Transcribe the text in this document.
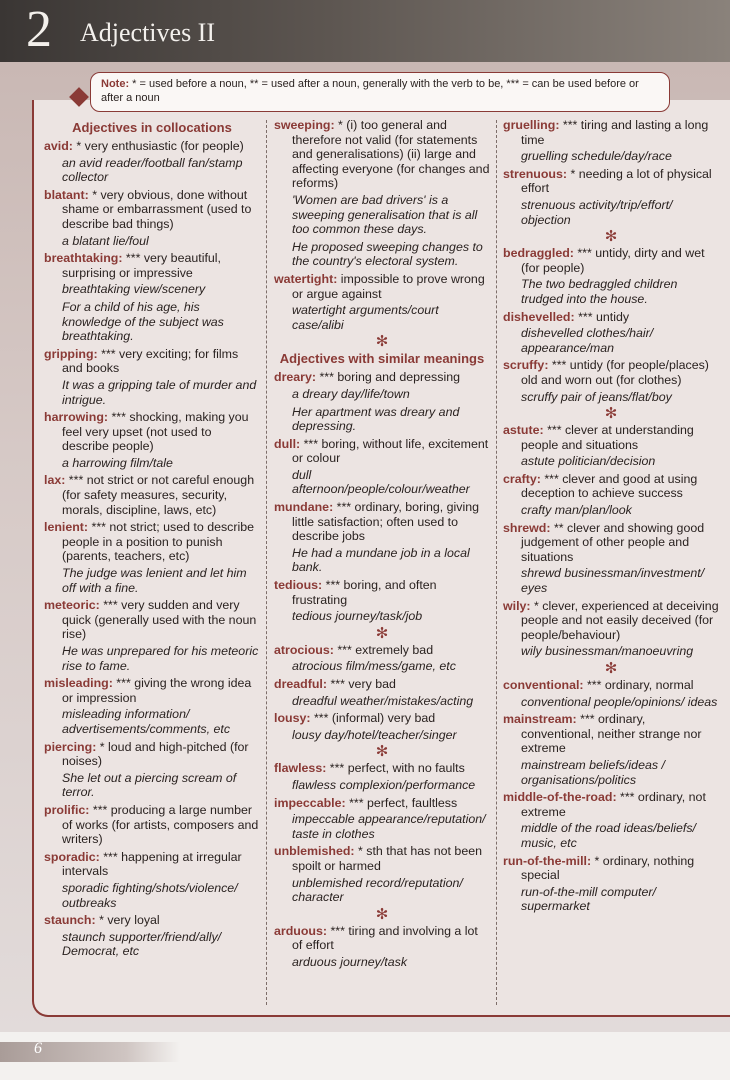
2 Adjectives II
Note: * = used before a noun, ** = used after a noun, generally with the verb to be, *** = can be used before or after a noun
Adjectives in collocations
avid: * very enthusiastic (for people)
an avid reader/football fan/stamp collector
blatant: * very obvious, done without shame or embarrassment (used to describe bad things)
a blatant lie/foul
breathtaking: *** very beautiful, surprising or impressive
breathtaking view/scenery
For a child of his age, his knowledge of the subject was breathtaking.
gripping: *** very exciting; for films and books
It was a gripping tale of murder and intrigue.
harrowing: *** shocking, making you feel very upset (not used to describe people)
a harrowing film/tale
lax: *** not strict or not careful enough (for safety measures, security, morals, discipline, laws, etc)
lenient: *** not strict; used to describe people in a position to punish (parents, teachers, etc)
The judge was lenient and let him off with a fine.
meteoric: *** very sudden and very quick (generally used with the noun rise)
He was unprepared for his meteoric rise to fame.
misleading: *** giving the wrong idea or impression
misleading information/ advertisements/comments, etc
piercing: * loud and high-pitched (for noises)
She let out a piercing scream of terror.
prolific: *** producing a large number of works (for artists, composers and writers)
sporadic: *** happening at irregular intervals
sporadic fighting/shots/violence/ outbreaks
staunch: * very loyal
staunch supporter/friend/ally/ Democrat, etc
sweeping: * (i) too general and therefore not valid (for statements and generalisations) (ii) large and affecting everyone (for changes and reforms)
'Women are bad drivers' is a sweeping generalisation that is all too common these days.
He proposed sweeping changes to the country's electoral system.
watertight: impossible to prove wrong or argue against
watertight arguments/court case/alibi
✻
Adjectives with similar meanings
dreary: *** boring and depressing
a dreary day/life/town
Her apartment was dreary and depressing.
dull: *** boring, without life, excitement or colour
dull afternoon/people/colour/weather
mundane: *** ordinary, boring, giving little satisfaction; often used to describe jobs
He had a mundane job in a local bank.
tedious: *** boring, and often frustrating
tedious journey/task/job
✻
atrocious: *** extremely bad
atrocious film/mess/game, etc
dreadful: *** very bad
dreadful weather/mistakes/acting
lousy: *** (informal) very bad
lousy day/hotel/teacher/singer
✻
flawless: *** perfect, with no faults
flawless complexion/performance
impeccable: *** perfect, faultless
impeccable appearance/reputation/ taste in clothes
unblemished: * sth that has not been spoilt or harmed
unblemished record/reputation/ character
✻
arduous: *** tiring and involving a lot of effort
arduous journey/task
gruelling: *** tiring and lasting a long time
gruelling schedule/day/race
strenuous: * needing a lot of physical effort
strenuous activity/trip/effort/ objection
✻
bedraggled: *** untidy, dirty and wet (for people)
The two bedraggled children trudged into the house.
dishevelled: *** untidy
dishevelled clothes/hair/ appearance/man
scruffy: *** untidy (for people/places) old and worn out (for clothes)
scruffy pair of jeans/flat/boy
✻
astute: *** clever at understanding people and situations
astute politician/decision
crafty: *** clever and good at using deception to achieve success
crafty man/plan/look
shrewd: ** clever and showing good judgement of other people and situations
shrewd businessman/investment/ eyes
wily: * clever, experienced at deceiving people and not easily deceived (for people/behaviour)
wily businessman/manoeuvring
✻
conventional: *** ordinary, normal
conventional people/opinions/ ideas
mainstream: *** ordinary, conventional, neither strange nor extreme
mainstream beliefs/ideas / organisations/politics
middle-of-the-road: *** ordinary, not extreme
middle of the road ideas/beliefs/ music, etc
run-of-the-mill: * ordinary, nothing special
run-of-the-mill computer/ supermarket
6
